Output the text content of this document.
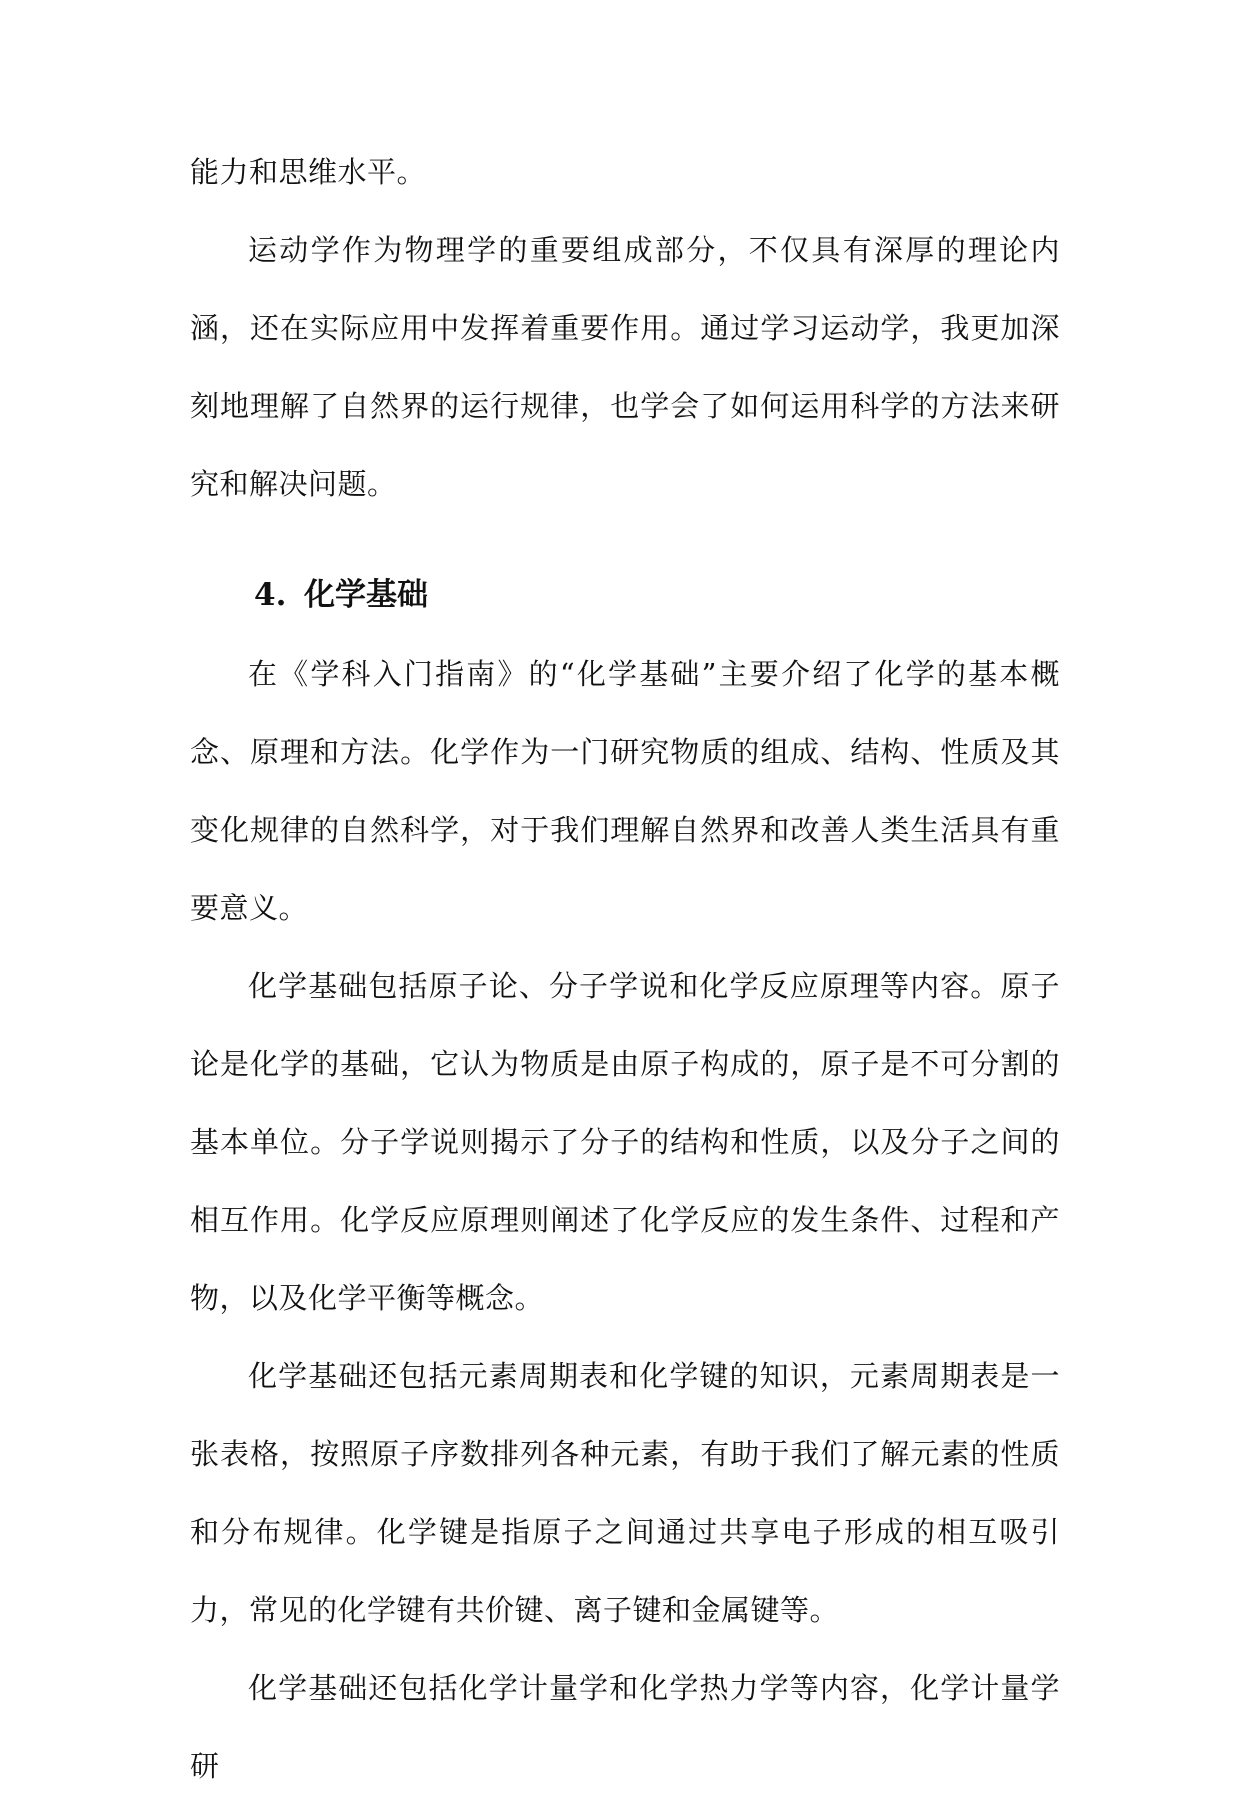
能力和思维水平。

运动学作为物理学的重要组成部分，不仅具有深厚的理论内涵，还在实际应用中发挥着重要作用。通过学习运动学，我更加深刻地理解了自然界的运行规律，也学会了如何运用科学的方法来研究和解决问题。

4. 化学基础

在《学科入门指南》的“化学基础”主要介绍了化学的基本概念、原理和方法。化学作为一门研究物质的组成、结构、性质及其变化规律的自然科学，对于我们理解自然界和改善人类生活具有重要意义。

化学基础包括原子论、分子学说和化学反应原理等内容。原子论是化学的基础，它认为物质是由原子构成的，原子是不可分割的基本单位。分子学说则揭示了分子的结构和性质，以及分子之间的相互作用。化学反应原理则阐述了化学反应的发生条件、过程和产物，以及化学平衡等概念。

化学基础还包括元素周期表和化学键的知识，元素周期表是一张表格，按照原子序数排列各种元素，有助于我们了解元素的性质和分布规律。化学键是指原子之间通过共享电子形成的相互吸引力，常见的化学键有共价键、离子键和金属键等。

化学基础还包括化学计量学和化学热力学等内容，化学计量学研
